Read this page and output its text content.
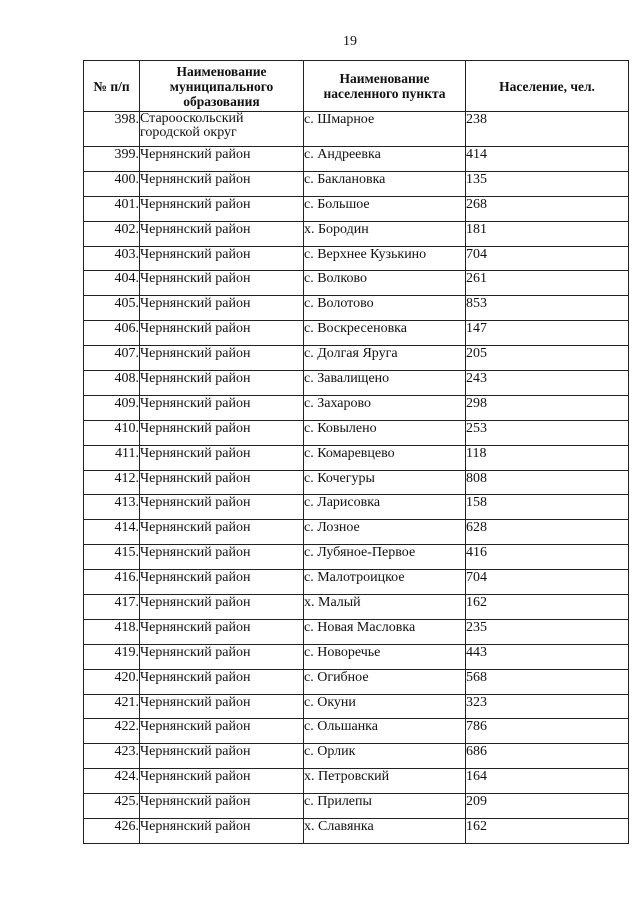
19
№ п/п	Наименование муниципального образования	Наименование населенного пункта	Население, чел.
398.	Старооскольский городской округ	с. Шмарное	238
399.	Чернянский район	с. Андреевка	414
400.	Чернянский район	с. Баклановка	135
401.	Чернянский район	с. Большое	268
402.	Чернянский район	х. Бородин	181
403.	Чернянский район	с. Верхнее Кузькино	704
404.	Чернянский район	с. Волково	261
405.	Чернянский район	с. Волотово	853
406.	Чернянский район	с. Воскресеновка	147
407.	Чернянский район	с. Долгая Яруга	205
408.	Чернянский район	с. Завалищено	243
409.	Чернянский район	с. Захарово	298
410.	Чернянский район	с. Ковылено	253
411.	Чернянский район	с. Комаревцево	118
412.	Чернянский район	с. Кочегуры	808
413.	Чернянский район	с. Ларисовка	158
414.	Чернянский район	с. Лозное	628
415.	Чернянский район	с. Лубяное-Первое	416
416.	Чернянский район	с. Малотроицкое	704
417.	Чернянский район	х. Малый	162
418.	Чернянский район	с. Новая Масловка	235
419.	Чернянский район	с. Новоречье	443
420.	Чернянский район	с. Огибное	568
421.	Чернянский район	с. Окуни	323
422.	Чернянский район	с. Ольшанка	786
423.	Чернянский район	с. Орлик	686
424.	Чернянский район	х. Петровский	164
425.	Чернянский район	с. Прилепы	209
426.	Чернянский район	х. Славянка	162
